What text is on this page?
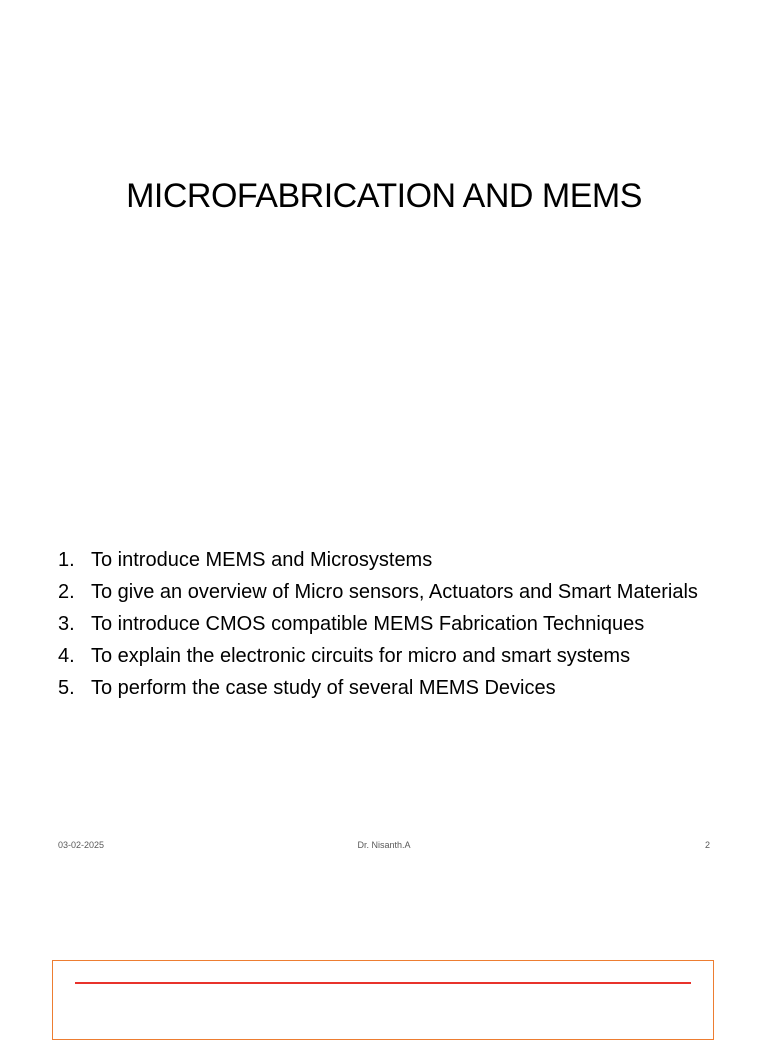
MICROFABRICATION AND MEMS
1. To introduce MEMS and Microsystems
2. To give an overview of Micro sensors, Actuators and Smart Materials
3. To introduce CMOS compatible MEMS Fabrication Techniques
4. To explain the electronic circuits for micro and smart systems
5. To perform the case study of several MEMS Devices
03-02-2025	Dr. Nisanth.A	2
